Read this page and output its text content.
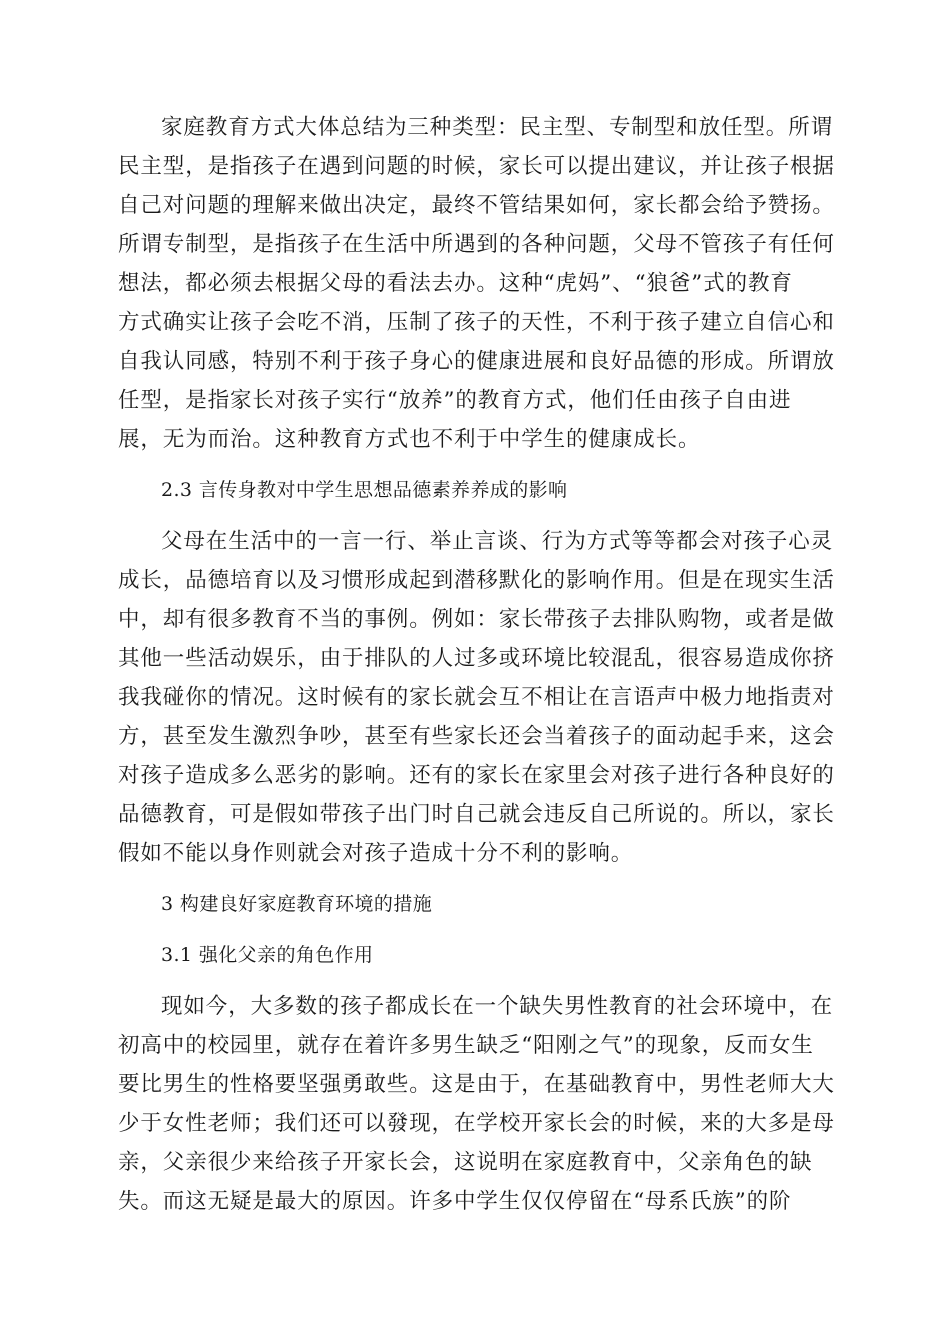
家庭教育方式大体总结为三种类型：民主型、专制型和放任型。所谓
民主型，是指孩子在遇到问题的时候，家长可以提出建议，并让孩子根据
自己对问题的理解来做出决定，最终不管结果如何，家长都会给予赞扬。
所谓专制型，是指孩子在生活中所遇到的各种问题，父母不管孩子有任何
想法，都必须去根据父母的看法去办。这种“虎妈”、“狼爸”式的教育
方式确实让孩子会吃不消，压制了孩子的天性，不利于孩子建立自信心和
自我认同感，特别不利于孩子身心的健康进展和良好品德的形成。所谓放
任型，是指家长对孩子实行“放养”的教育方式，他们任由孩子自由进
展，无为而治。这种教育方式也不利于中学生的健康成长。
2.3 言传身教对中学生思想品德素养养成的影响
父母在生活中的一言一行、举止言谈、行为方式等等都会对孩子心灵
成长，品德培育以及习惯形成起到潜移默化的影响作用。但是在现实生活
中，却有很多教育不当的事例。例如：家长带孩子去排队购物，或者是做
其他一些活动娱乐，由于排队的人过多或环境比较混乱，很容易造成你挤
我我碰你的情况。这时候有的家长就会互不相让在言语声中极力地指责对
方，甚至发生激烈争吵，甚至有些家长还会当着孩子的面动起手来，这会
对孩子造成多么恶劣的影响。还有的家长在家里会对孩子进行各种良好的
品德教育，可是假如带孩子出门时自己就会违反自己所说的。所以，家长
假如不能以身作则就会对孩子造成十分不利的影响。
3 构建良好家庭教育环境的措施
3.1 强化父亲的角色作用
现如今，大多数的孩子都成长在一个缺失男性教育的社会环境中，在
初高中的校园里，就存在着许多男生缺乏“阳刚之气”的现象，反而女生
要比男生的性格要坚强勇敢些。这是由于，在基础教育中，男性老师大大
少于女性老师；我们还可以發现，在学校开家长会的时候，来的大多是母
亲，父亲很少来给孩子开家长会，这说明在家庭教育中，父亲角色的缺
失。而这无疑是最大的原因。许多中学生仅仅停留在“母系氏族”的阶
